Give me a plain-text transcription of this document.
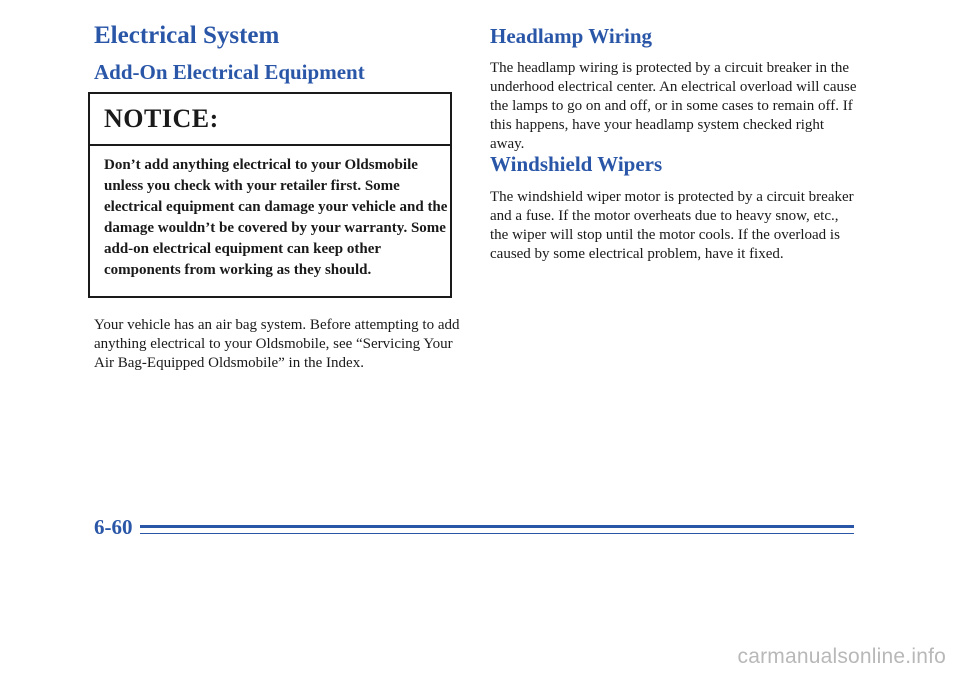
Electrical System
Add-On Electrical Equipment

NOTICE:

Don’t add anything electrical to your Oldsmobile unless you check with your retailer first. Some electrical equipment can damage your vehicle and the damage wouldn’t be covered by your warranty. Some add-on electrical equipment can keep other components from working as they should.

Your vehicle has an air bag system. Before attempting to add anything electrical to your Oldsmobile, see “Servicing Your Air Bag-Equipped Oldsmobile” in the Index.

Headlamp Wiring

The headlamp wiring is protected by a circuit breaker in the underhood electrical center. An electrical overload will cause the lamps to go on and off, or in some cases to remain off. If this happens, have your headlamp system checked right away.

Windshield Wipers

The windshield wiper motor is protected by a circuit breaker and a fuse. If the motor overheats due to heavy snow, etc., the wiper will stop until the motor cools. If the overload is caused by some electrical problem, have it fixed.

6-60

carmanualsonline.info
